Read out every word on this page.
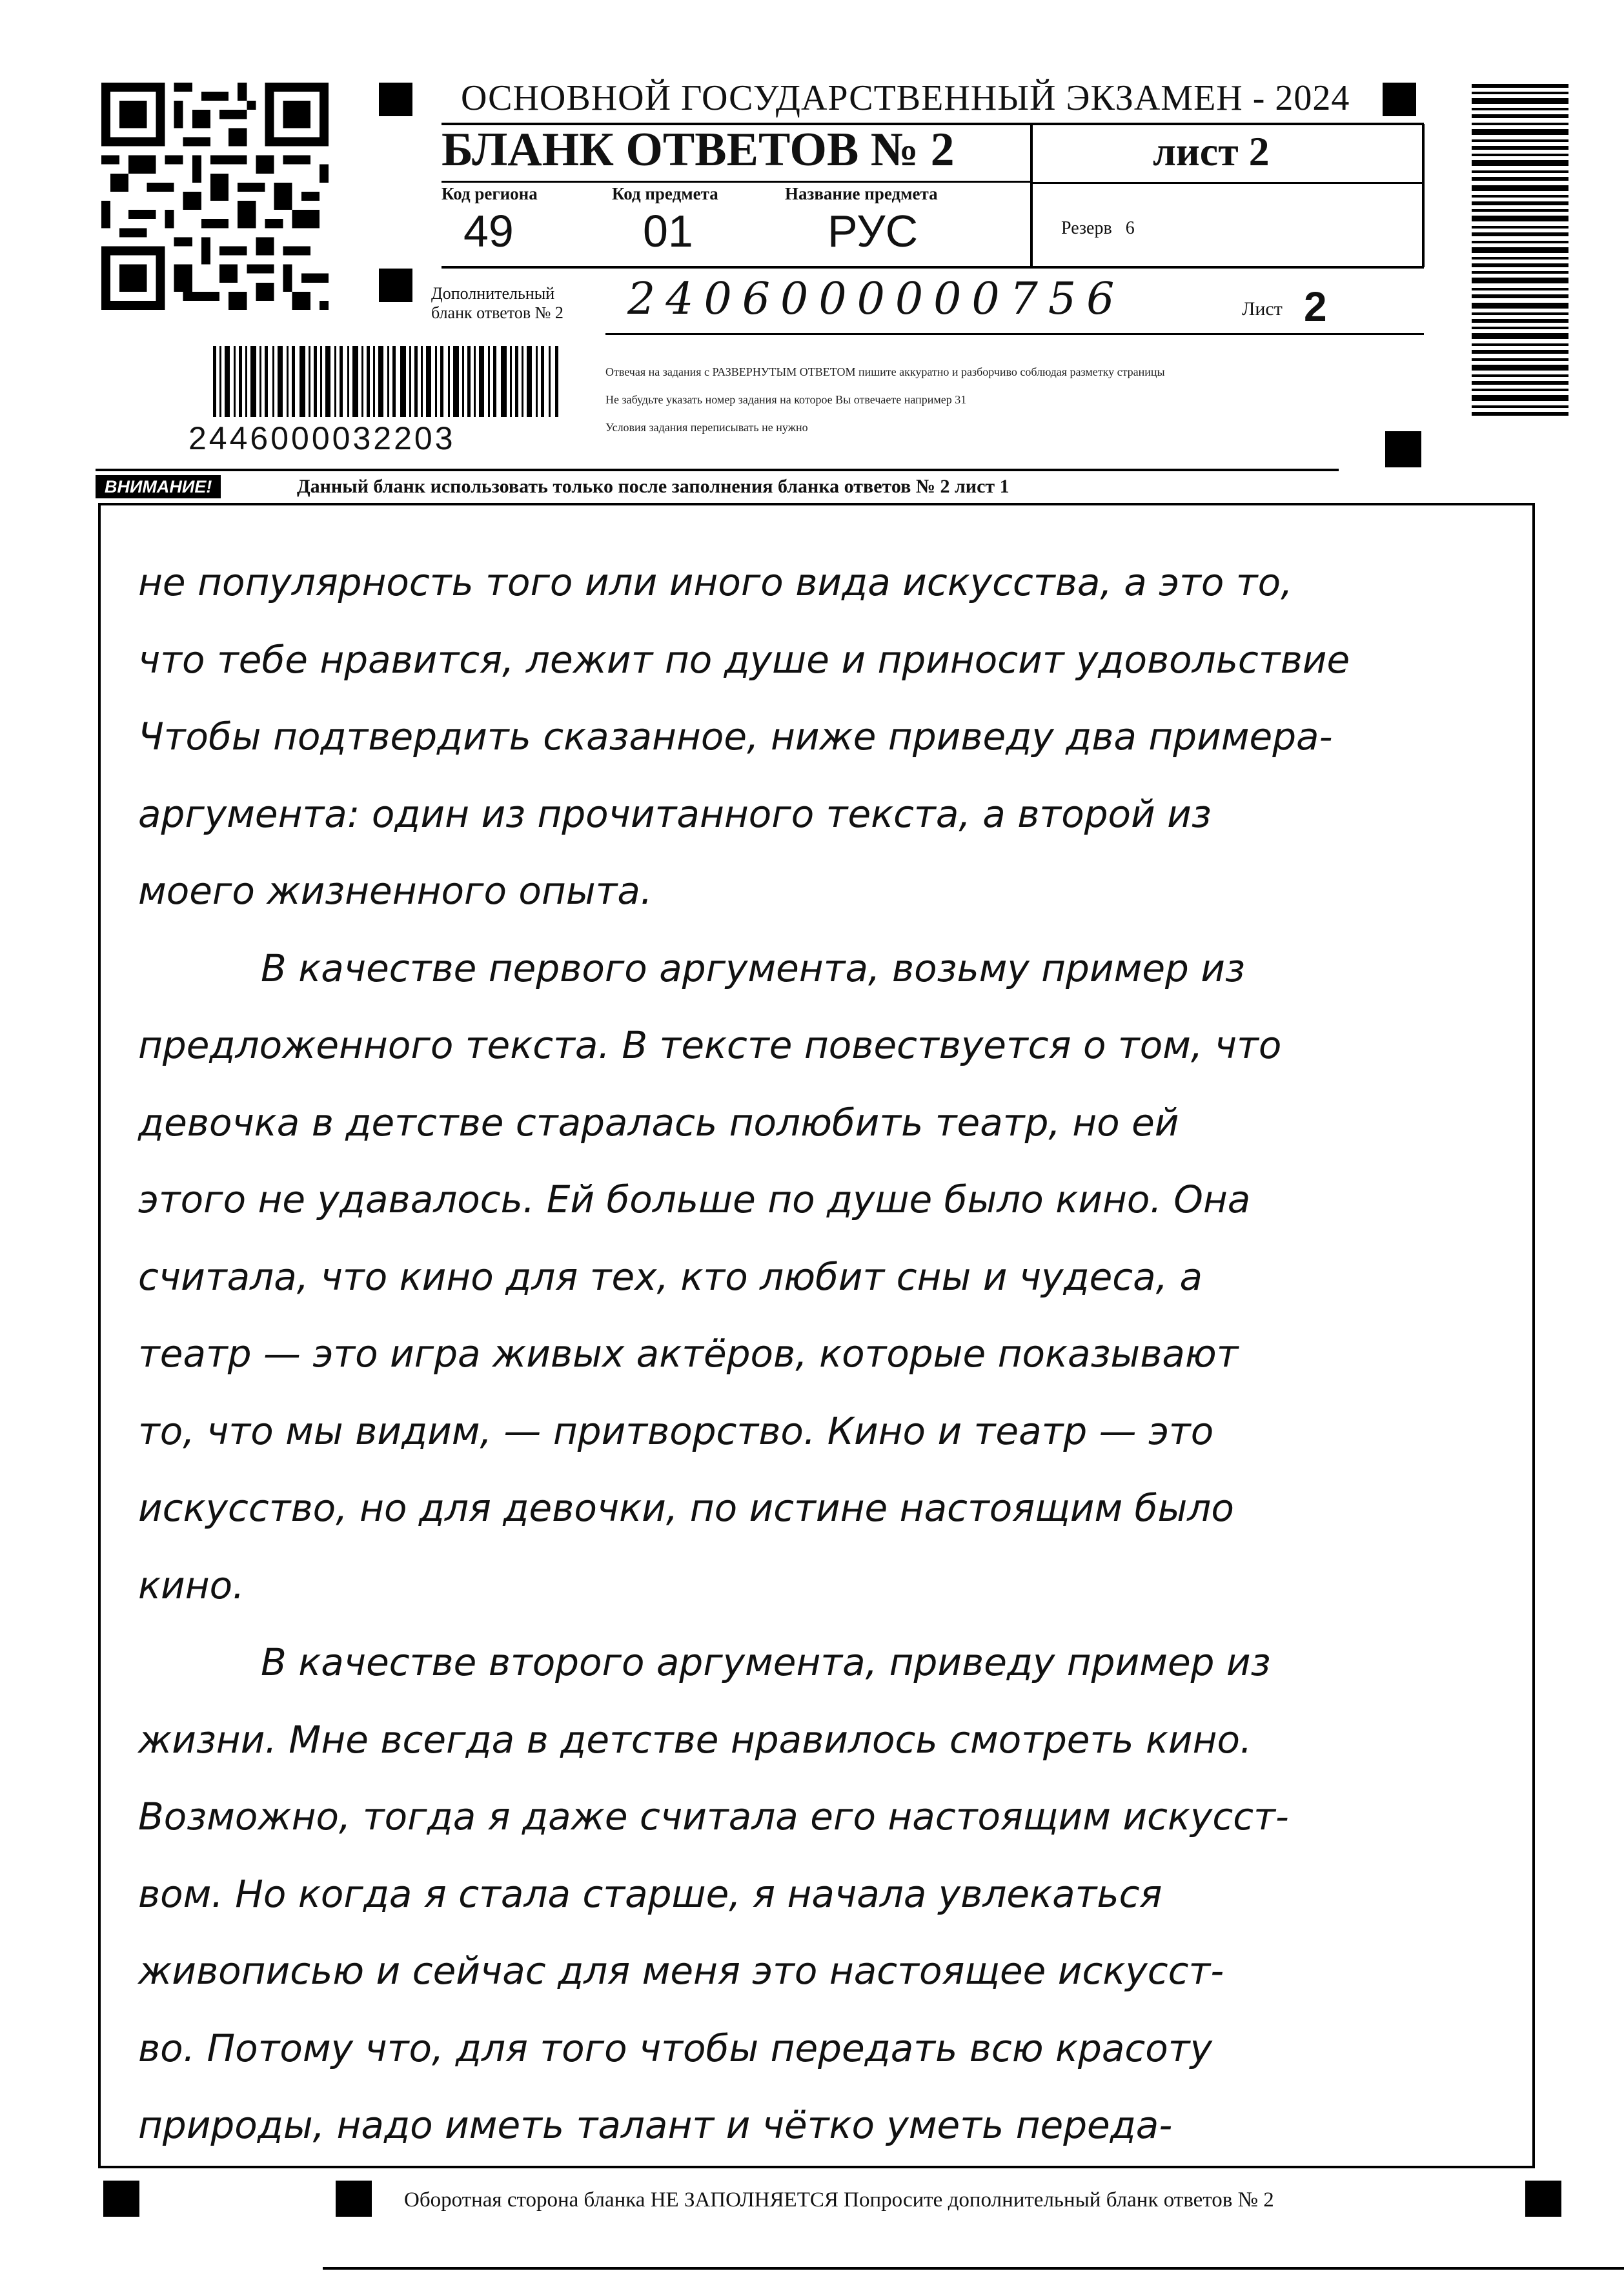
ОСНОВНОЙ ГОСУДАРСТВЕННЫЙ ЭКЗАМЕН - 2024
БЛАНК ОТВЕТОВ № 2	лист 2
Код региона	Код предмета	Название предмета
49	01	РУС	Резерв 6
Дополнительный
бланк ответов № 2 2406000000756	Лист 2
Отвечая на задания с РАЗВЕРНУТЫМ ОТВЕТОМ пишите аккуратно и разборчиво соблюдая разметку страницы
Не забудьте указать номер задания на которое Вы отвечаете например 31
Условия задания переписывать не нужно
2446000032203
ВНИМАНИЕ!	Данный бланк использовать только после заполнения бланка ответов № 2 лист 1
не популярность того или иного вида искусства, а это то,
что тебе нравится, лежит по душе и приносит удовольствие
Чтобы подтвердить сказанное, ниже приведу два примера-
аргумента: один из прочитанного текста, а второй из
моего жизненного опыта.
В качестве первого аргумента, возьму пример из
предложенного текста. В тексте повествуется о том, что
девочка в детстве старалась полюбить театр, но ей
этого не удавалось. Ей больше по душе было кино. Она
считала, что кино для тех, кто любит сны и чудеса, а
театр — это игра живых актёров, которые показывают
то, что мы видим, — притворство. Кино и театр — это
искусство, но для девочки, по истине настоящим было
кино.
В качестве второго аргумента, приведу пример из
жизни. Мне всегда в детстве нравилось смотреть кино.
Возможно, тогда я даже считала его настоящим искусст-
вом. Но когда я стала старше, я начала увлекаться
живописью и сейчас для меня это настоящее искусст-
во. Потому что, для того чтобы передать всю красоту
природы, надо иметь талант и чётко уметь переда-
Оборотная сторона бланка НЕ ЗАПОЛНЯЕТСЯ Попросите дополнительный бланк ответов № 2
